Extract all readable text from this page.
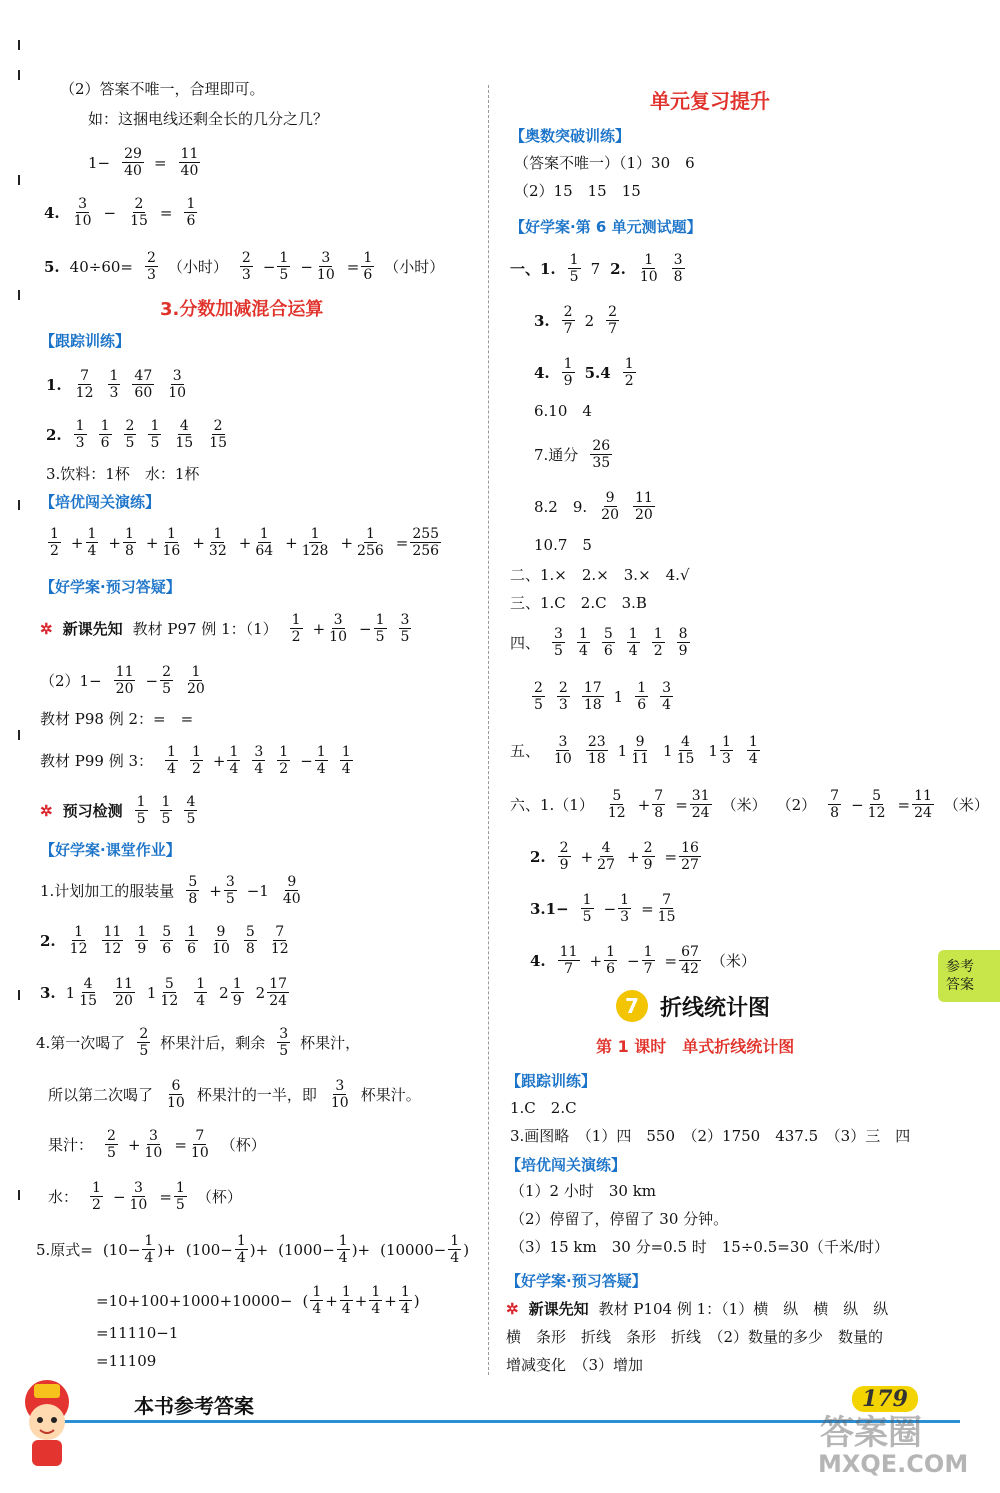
（2）答案不唯一，合理即可。
如：这捆电线还剩全长的几分之几？
$1- \frac{29}{40} = \frac{11}{40}$
4. $\frac{3}{10} - \frac{2}{15} = \frac{1}{6}$
5. $40\div 60= \frac{2}{3}$ （小时） $\frac{2}{3} - \frac{1}{5} - \frac{3}{10} = \frac{1}{6}$ （小时）
3.分数加减混合运算
【跟踪训练】
1. $\frac{7}{12} \frac{1}{3} \frac{47}{60} \frac{3}{10}$
2. $\frac{1}{3} \frac{1}{6} \frac{2}{5} \frac{1}{5} \frac{4}{15} \frac{2}{15}$
3.饮料：1杯　水：1杯
【培优闯关演练】
$\frac{1}{2} + \frac{1}{4} + \frac{1}{8} + \frac{1}{16} + \frac{1}{32} + \frac{1}{64} + \frac{1}{128} + \frac{1}{256} = \frac{255}{256}$
【好学案·预习答疑】
✲ 新课先知 教材 P97 例 1：$(1) \frac{1}{2} + \frac{3}{10} - \frac{1}{5} \frac{3}{5}$
$(2)1- \frac{11}{20} - \frac{2}{5} \frac{1}{20}$
教材 P98 例 2：=　=
教材 P99 例 3： $\frac{1}{4} \frac{1}{2} + \frac{1}{4} \frac{3}{4} \frac{1}{2} - \frac{1}{4} \frac{1}{4}$
✲ 预习检测 $\frac{1}{5} \frac{1}{5} \frac{4}{5}$
【好学案·课堂作业】
1.计划加工的服装量 $\frac{5}{8} + \frac{3}{5} -1 \frac{9}{40}$
2. $\frac{1}{12} \frac{11}{12} \frac{1}{9} \frac{5}{6} \frac{1}{6} \frac{9}{10} \frac{5}{8} \frac{7}{12}$
3. $1 \frac{4}{15} \frac{11}{20} 1 \frac{5}{12} \frac{1}{4} 2 \frac{1}{9} 2 \frac{17}{24}$
4.第一次喝了 $\frac{2}{5}$ 杯果汁后，剩余 $\frac{3}{5}$ 杯果汁，
所以第二次喝了 $\frac{6}{10}$ 杯果汁的一半，即 $\frac{3}{10}$ 杯果汁。
果汁： $\frac{2}{5} + \frac{3}{10} = \frac{7}{10}$ （杯）
水： $\frac{1}{2} - \frac{3}{10} = \frac{1}{5}$ （杯）
5.原式= ( $10- \frac{1}{4}$ )+ ( $100- \frac{1}{4}$ )+ ( $1000- \frac{1}{4}$ )+ ( $10000- \frac{1}{4}$ )
=10+100+1000+10000− ( $\frac{1}{4} + \frac{1}{4} + \frac{1}{4} + \frac{1}{4}$ )
=11110−1
=11109
单元复习提升
【奥数突破训练】
（答案不唯一）（1）30　6
（2）15　15　15
【好学案·第 6 单元测试题】
一、1. $\frac{1}{5} 7$ 2. $\frac{1}{10} \frac{3}{8}$
3. $\frac{2}{7} 2 \frac{2}{7}$
4. $\frac{1}{9} 5.4 \frac{1}{2}$
6.10　4
7.通分 $\frac{26}{35}$
8.2　9. $\frac{9}{20} \frac{11}{20}$
10.7　5
二、1.×　2.×　3.×　4.√
三、1.C　2.C　3.B
四、 $\frac{3}{5} \frac{1}{4} \frac{5}{6} \frac{1}{4} \frac{1}{2} \frac{8}{9}$
$\frac{2}{5} \frac{2}{3} \frac{17}{18} 1 \frac{1}{6} \frac{3}{4}$
五、 $\frac{3}{10} \frac{23}{18} 1 \frac{9}{11} 1 \frac{4}{15} 1 \frac{1}{3} \frac{1}{4}$
六、$1.(1) \frac{5}{12} + \frac{7}{8} = \frac{31}{24}$ （米） $(2) \frac{7}{8} - \frac{5}{12} = \frac{11}{24}$ （米）
2. $\frac{2}{9} + \frac{4}{27} + \frac{2}{9} = \frac{16}{27}$
$3.1- \frac{1}{5} - \frac{1}{3} = \frac{7}{15}$
4. $\frac{11}{7} + \frac{1}{6} - \frac{1}{7} = \frac{67}{42}$ （米）	参考
答案
7 折线统计图
第 1 课时　单式折线统计图
【跟踪训练】
1.C　2.C
3.画图略　（1）四　550　（2）1750　437.5　（3）三　四
【培优闯关演练】
（1）2 小时　30 km
（2）停留了，停留了 30 分钟。
（3）15 km　30 分=0.5 时　15÷0.5=30（千米/时）
【好学案·预习答疑】
✲ 新课先知 教材 P104 例 1：（1）横　纵　横　纵　纵
横　条形　折线　条形　折线　（2）数量的多少　数量的
增减变化　（3）增加
本书参考答案	179
答案圈
MXQE.COM
